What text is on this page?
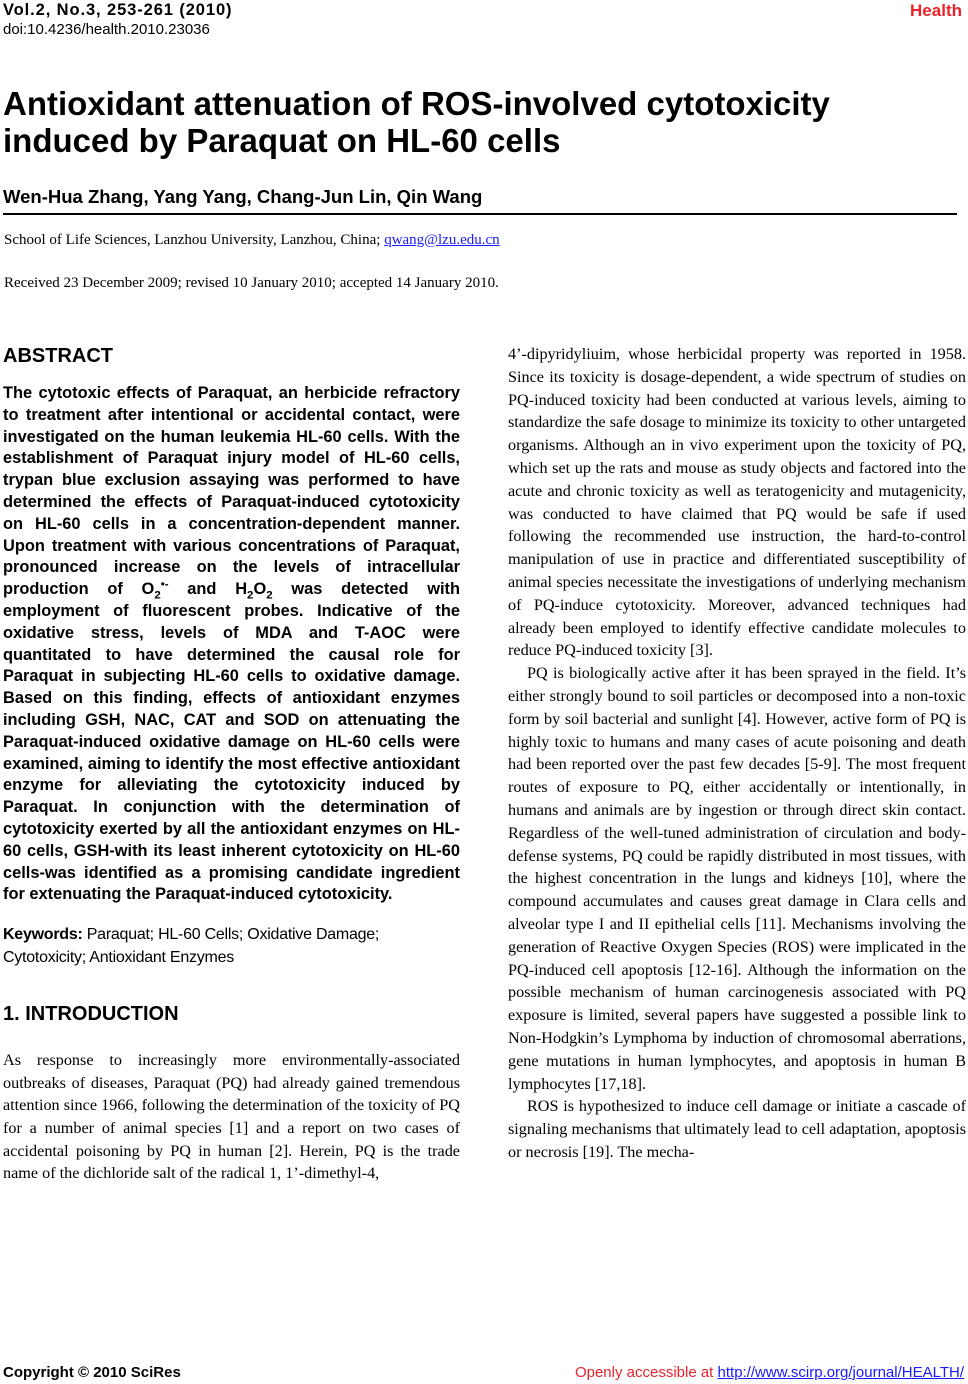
Vol.2, No.3, 253-261 (2010)
doi:10.4236/health.2010.23036
Health
Antioxidant attenuation of ROS-involved cytotoxicity induced by Paraquat on HL-60 cells
Wen-Hua Zhang, Yang Yang, Chang-Jun Lin, Qin Wang
School of Life Sciences, Lanzhou University, Lanzhou, China; qwang@lzu.edu.cn
Received 23 December 2009; revised 10 January 2010; accepted 14 January 2010.
ABSTRACT
The cytotoxic effects of Paraquat, an herbicide refractory to treatment after intentional or accidental contact, were investigated on the human leukemia HL-60 cells. With the establishment of Paraquat injury model of HL-60 cells, trypan blue exclusion assaying was performed to have determined the effects of Paraquat-induced cytotoxicity on HL-60 cells in a concentration-dependent manner. Upon treatment with various concentrations of Paraquat, pronounced increase on the levels of intracellular production of $O_2^{•-}$ and $H_2O_2$ was detected with employment of fluorescent probes. Indicative of the oxidative stress, levels of MDA and T-AOC were quantitated to have determined the causal role for Paraquat in subjecting HL-60 cells to oxidative damage. Based on this finding, effects of antioxidant enzymes including GSH, NAC, CAT and SOD on attenuating the Paraquat-induced oxidative damage on HL-60 cells were examined, aiming to identify the most effective antioxidant enzyme for alleviating the cytotoxicity induced by Paraquat. In conjunction with the determination of cytotoxicity exerted by all the antioxidant enzymes on HL-60 cells, GSH-with its least inherent cytotoxicity on HL-60 cells-was identified as a promising candidate ingredient for extenuating the Paraquat-induced cytotoxicity.
Keywords: Paraquat; HL-60 Cells; Oxidative Damage; Cytotoxicity; Antioxidant Enzymes
1. INTRODUCTION

As response to increasingly more environmentally-associated outbreaks of diseases, Paraquat (PQ) had already gained tremendous attention since 1966, following the determination of the toxicity of PQ for a number of animal species [1] and a report on two cases of accidental poisoning by PQ in human [2]. Herein, PQ is the trade name of the dichloride salt of the radical 1, 1’-dimethyl-4,

4’-dipyridyliuim, whose herbicidal property was reported in 1958. Since its toxicity is dosage-dependent, a wide spectrum of studies on PQ-induced toxicity had been conducted at various levels, aiming to standardize the safe dosage to minimize its toxicity to other untargeted organisms. Although an in vivo experiment upon the toxicity of PQ, which set up the rats and mouse as study objects and factored into the acute and chronic toxicity as well as teratogenicity and mutagenicity, was conducted to have claimed that PQ would be safe if used following the recommended use instruction, the hard-to-control manipulation of use in practice and differentiated susceptibility of animal species necessitate the investigations of underlying mechanism of PQ-induce cytotoxicity. Moreover, advanced techniques had already been employed to identify effective candidate molecules to reduce PQ-induced toxicity [3].

PQ is biologically active after it has been sprayed in the field. It’s either strongly bound to soil particles or decomposed into a non-toxic form by soil bacterial and sunlight [4]. However, active form of PQ is highly toxic to humans and many cases of acute poisoning and death had been reported over the past few decades [5-9]. The most frequent routes of exposure to PQ, either accidentally or intentionally, in humans and animals are by ingestion or through direct skin contact. Regardless of the well-tuned administration of circulation and body-defense systems, PQ could be rapidly distributed in most tissues, with the highest concentration in the lungs and kidneys [10], where the compound accumulates and causes great damage in Clara cells and alveolar type I and II epithelial cells [11]. Mechanisms involving the generation of Reactive Oxygen Species (ROS) were implicated in the PQ-induced cell apoptosis [12-16]. Although the information on the possible mechanism of human carcinogenesis associated with PQ exposure is limited, several papers have suggested a possible link to Non-Hodgkin’s Lymphoma by induction of chromosomal aberrations, gene mutations in human lymphocytes, and apoptosis in human B lymphocytes [17,18].

ROS is hypothesized to induce cell damage or initiate a cascade of signaling mechanisms that ultimately lead to cell adaptation, apoptosis or necrosis [19]. The mecha-

Copyright © 2010 SciRes	Openly accessible at http://www.scirp.org/journal/HEALTH/
